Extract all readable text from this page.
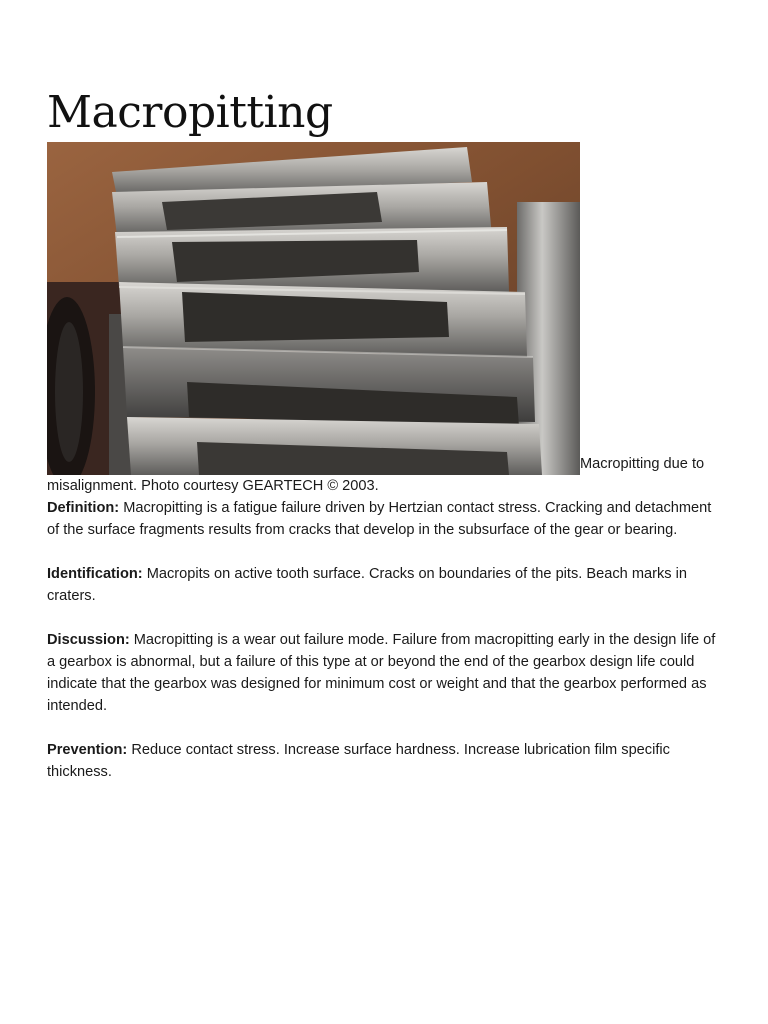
Macropitting

Macropitting due to misalignment. Photo courtesy GEARTECH © 2003.

Definition: Macropitting is a fatigue failure driven by Hertzian contact stress. Cracking and detachment of the surface fragments results from cracks that develop in the subsurface of the gear or bearing.

Identification: Macropits on active tooth surface. Cracks on boundaries of the pits. Beach marks in craters.

Discussion: Macropitting is a wear out failure mode. Failure from macropitting early in the design life of a gearbox is abnormal, but a failure of this type at or beyond the end of the gearbox design life could indicate that the gearbox was designed for minimum cost or weight and that the gearbox performed as intended.

Prevention: Reduce contact stress. Increase surface hardness. Increase lubrication film specific thickness.
